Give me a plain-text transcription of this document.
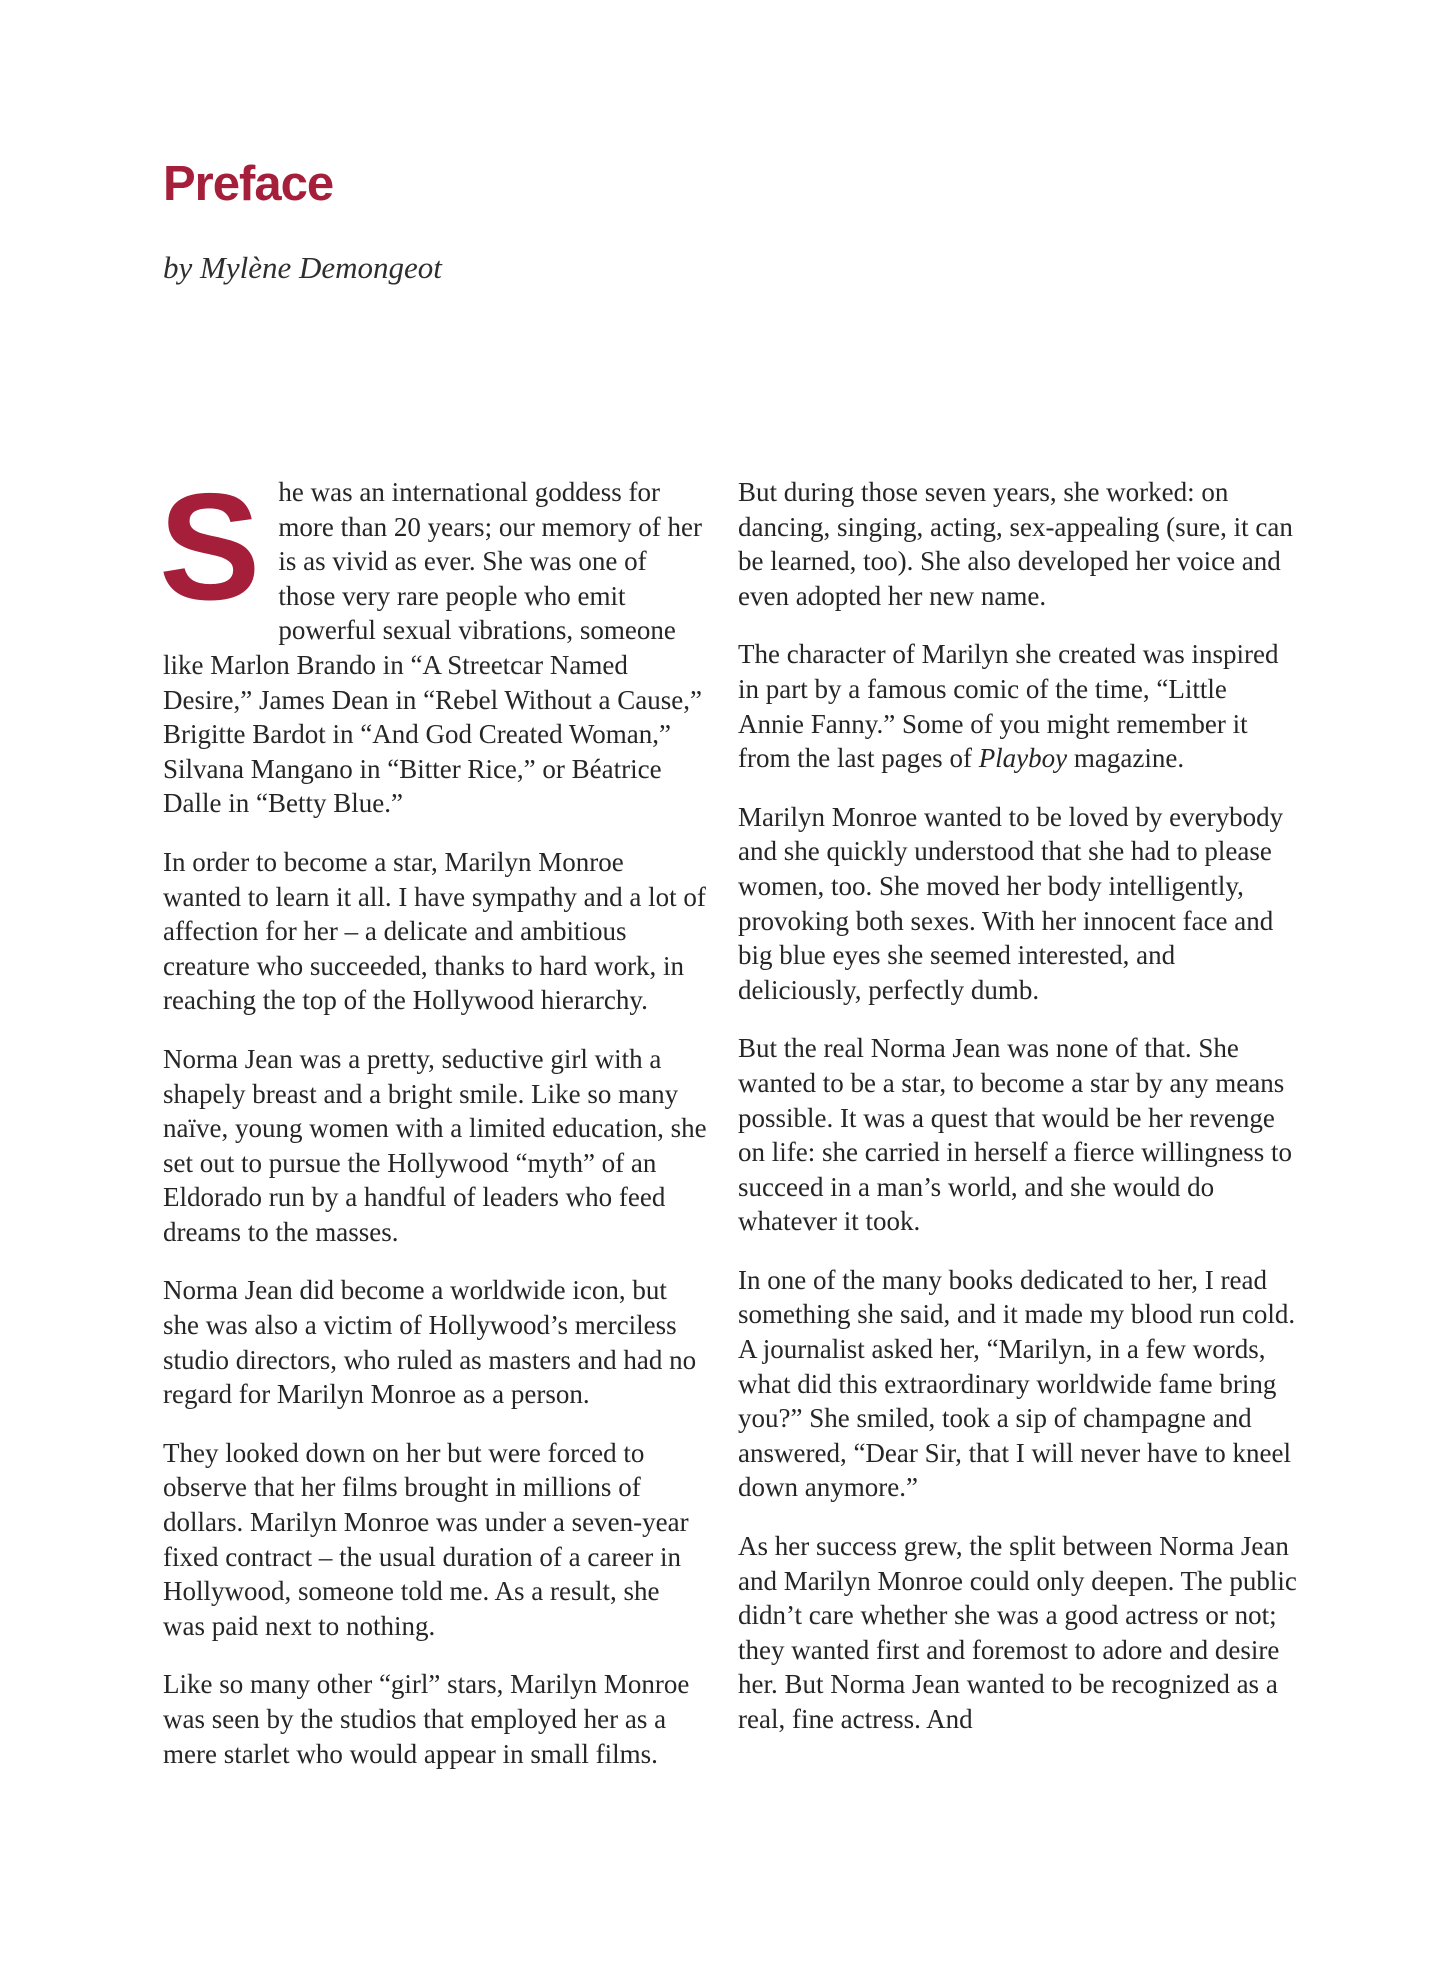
Preface

by Mylène Demongeot

She was an international goddess for more than 20 years; our memory of her is as vivid as ever. She was one of those very rare people who emit powerful sexual vibrations, someone like Marlon Brando in “A Streetcar Named Desire,” James Dean in “Rebel Without a Cause,” Brigitte Bardot in “And God Created Woman,” Silvana Mangano in “Bitter Rice,” or Béatrice Dalle in “Betty Blue.”

In order to become a star, Marilyn Monroe wanted to learn it all. I have sympathy and a lot of affection for her – a delicate and ambitious creature who succeeded, thanks to hard work, in reaching the top of the Hollywood hierarchy.

Norma Jean was a pretty, seductive girl with a shapely breast and a bright smile. Like so many naïve, young women with a limited education, she set out to pursue the Hollywood “myth” of an Eldorado run by a handful of leaders who feed dreams to the masses.

Norma Jean did become a worldwide icon, but she was also a victim of Hollywood’s merciless studio directors, who ruled as masters and had no regard for Marilyn Monroe as a person.

They looked down on her but were forced to observe that her films brought in millions of dollars. Marilyn Monroe was under a seven-year fixed contract – the usual duration of a career in Hollywood, someone told me. As a result, she was paid next to nothing.

Like so many other “girl” stars, Marilyn Monroe was seen by the studios that employed her as a mere starlet who would appear in small films.

But during those seven years, she worked: on dancing, singing, acting, sex-appealing (sure, it can be learned, too). She also developed her voice and even adopted her new name.

The character of Marilyn she created was inspired in part by a famous comic of the time, “Little Annie Fanny.” Some of you might remember it from the last pages of Playboy magazine.

Marilyn Monroe wanted to be loved by everybody and she quickly understood that she had to please women, too. She moved her body intelligently, provoking both sexes. With her innocent face and big blue eyes she seemed interested, and deliciously, perfectly dumb.

But the real Norma Jean was none of that. She wanted to be a star, to become a star by any means possible. It was a quest that would be her revenge on life: she carried in herself a fierce willingness to succeed in a man’s world, and she would do whatever it took.

In one of the many books dedicated to her, I read something she said, and it made my blood run cold. A journalist asked her, “Marilyn, in a few words, what did this extraordinary worldwide fame bring you?” She smiled, took a sip of champagne and answered, “Dear Sir, that I will never have to kneel down anymore.”

As her success grew, the split between Norma Jean and Marilyn Monroe could only deepen. The public didn’t care whether she was a good actress or not; they wanted first and foremost to adore and desire her. But Norma Jean wanted to be recognized as a real, fine actress. And
